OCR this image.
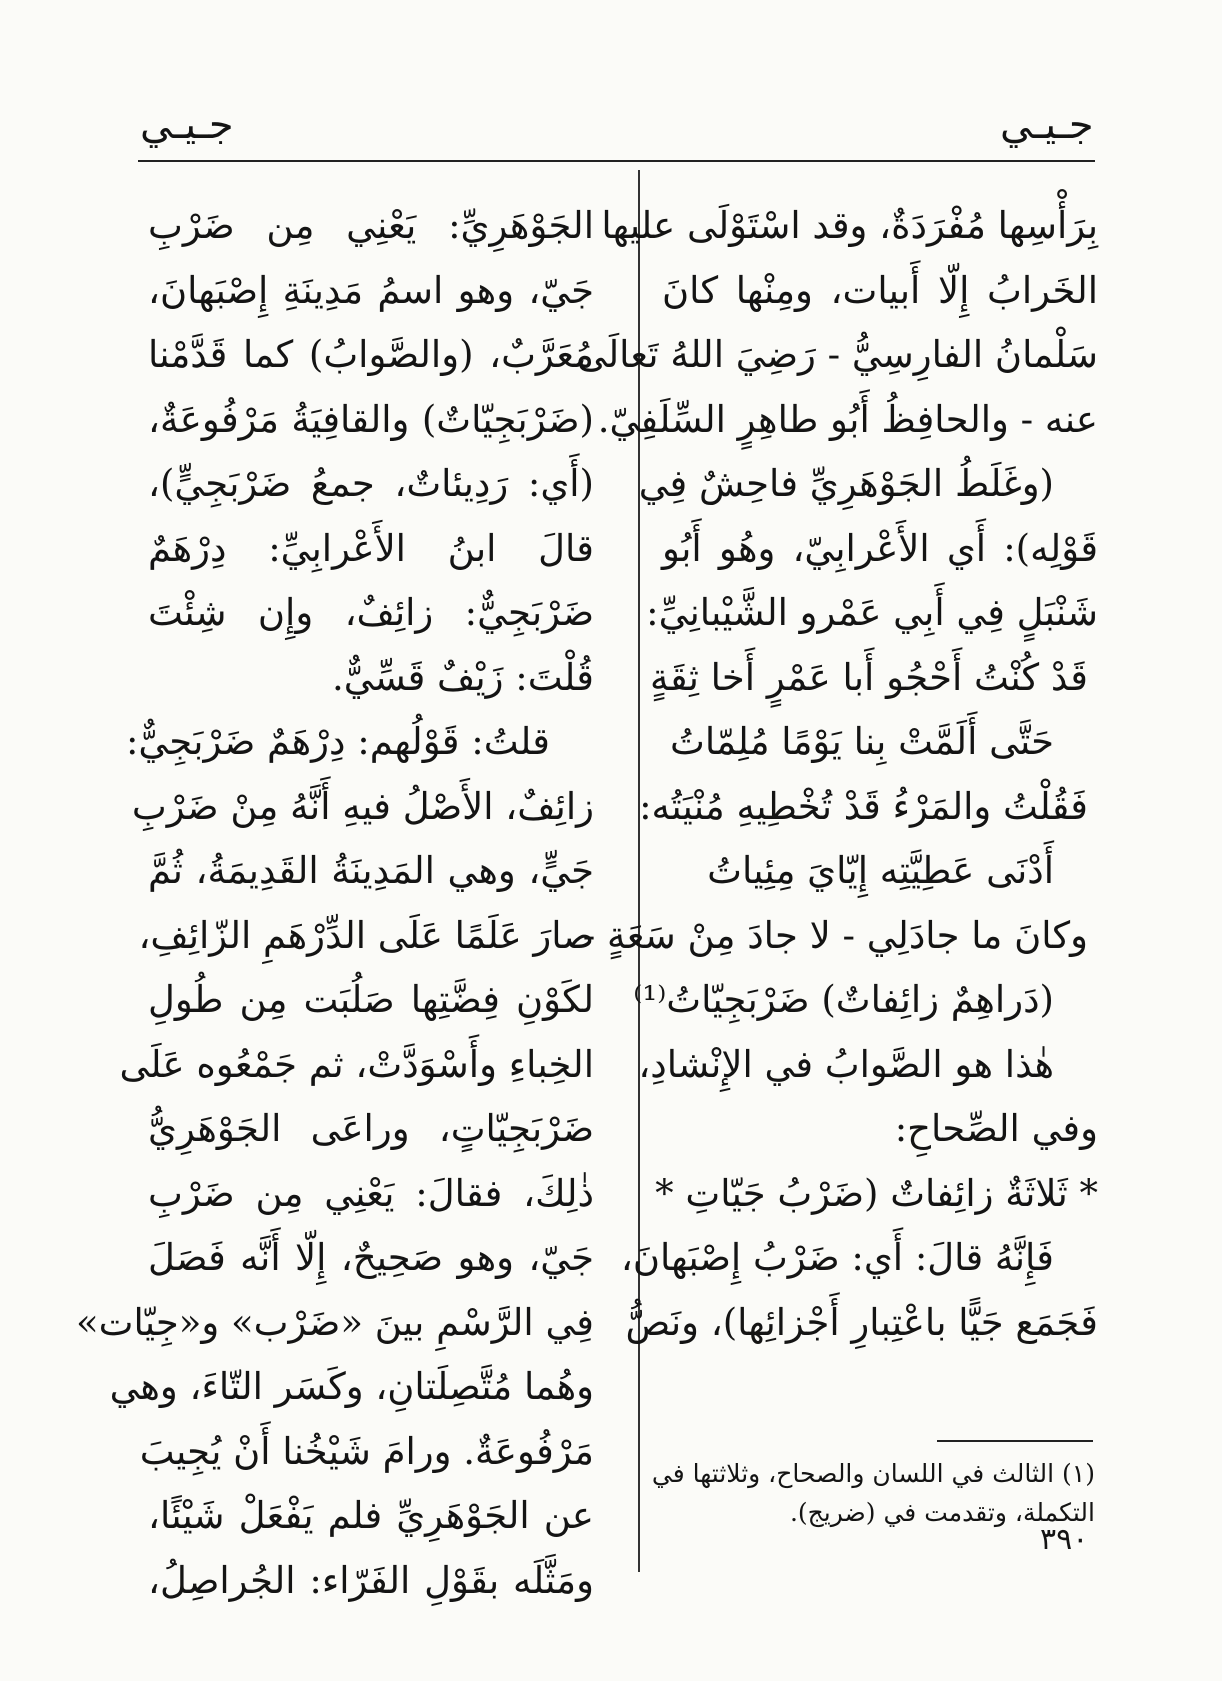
جـيـي
جـيـي
بِرَأْسِها مُفْرَدَةٌ، وقد اسْتَوْلَى عليها
الخَرابُ إِلّا أَبيات، ومِنْها كانَ
سَلْمانُ الفارِسِيُّ - رَضِيَ اللهُ تَعالَى
عنه - والحافِظُ أَبُو طاهِرٍ السِّلَفِيّ.
(وغَلَطُ الجَوْهَرِيِّ فاحِشٌ فِي
قَوْلِه): أَي الأَعْرابِيّ، وهُو أَبُو
شَنْبَلٍ فِي أَبِي عَمْرو الشَّيْبانِيِّ:
قَدْ كُنْتُ أَحْجُو أَبا عَمْرٍ أَخا ثِقَةٍ
حَتَّى أَلَمَّتْ بِنا يَوْمًا مُلِمّاتُ
فَقُلْتُ والمَرْءُ قَدْ تُخْطِيهِ مُنْيَتُه:
أَدْنَى عَطِيَّتِه إِيّايَ مِئِياتُ
وكانَ ما جادَلِي - لا جادَ مِنْ سَعَةٍ -
(دَراهِمٌ زائِفاتٌ) ضَرْبَجِيّاتُ⁽¹⁾
هٰذا هو الصَّوابُ في الإِنْشادِ،
وفي الصِّحاحِ:
* ثَلاثَةٌ زائِفاتٌ (ضَرْبُ جَيّاتِ *
فَإِنَّهُ قالَ: أَي: ضَرْبُ إِصْبَهانَ،
فَجَمَع جَيًّا باعْتِبارِ أَجْزائِها)، ونَصُّ
الجَوْهَرِيِّ: يَعْنِي مِن ضَرْبِ
جَيّ، وهو اسمُ مَدِينَةِ إِصْبَهانَ،
مُعَرَّبٌ، (والصَّوابُ) كما قَدَّمْنا
(ضَرْبَجِيّاتٌ) والقافِيَةُ مَرْفُوعَةٌ،
(أَي: رَدِيئاتٌ، جمعُ ضَرْبَجِيٍّ)،
قالَ ابنُ الأَعْرابِيِّ: دِرْهَمٌ
ضَرْبَجِيٌّ: زائِفٌ، وإِن شِئْتَ
قُلْتَ: زَيْفٌ قَسِّيٌّ.
قلتُ: قَوْلُهم: دِرْهَمٌ ضَرْبَجِيٌّ:
زائِفٌ، الأَصْلُ فيهِ أَنَّهُ مِنْ ضَرْبِ
جَيٍّ، وهي المَدِينَةُ القَدِيمَةُ، ثُمَّ
صارَ عَلَمًا عَلَى الدِّرْهَمِ الزّائِفِ،
لكَوْنِ فِضَّتِها صَلُبَت مِن طُولِ
الخِباءِ وأَسْوَدَّتْ، ثم جَمْعُوه عَلَى
ضَرْبَجِيّاتٍ، وراعَى الجَوْهَرِيُّ
ذٰلِكَ، فقالَ: يَعْنِي مِن ضَرْبِ
جَيّ، وهو صَحِيحٌ، إِلّا أَنَّه فَصَلَ
فِي الرَّسْمِ بينَ «ضَرْب» و«جِيّات»
وهُما مُتَّصِلَتانِ، وكَسَر التّاءَ، وهي
مَرْفُوعَةٌ. ورامَ شَيْخُنا أَنْ يُجِيبَ
عن الجَوْهَرِيِّ فلم يَفْعَلْ شَيْئًا،
ومَثَّلَه بقَوْلِ الفَرّاء: الجُراصِلُ،
(١) الثالث في اللسان والصحاح، وثلاثتها في
التكملة، وتقدمت في (ضريج).
٣٩٠
